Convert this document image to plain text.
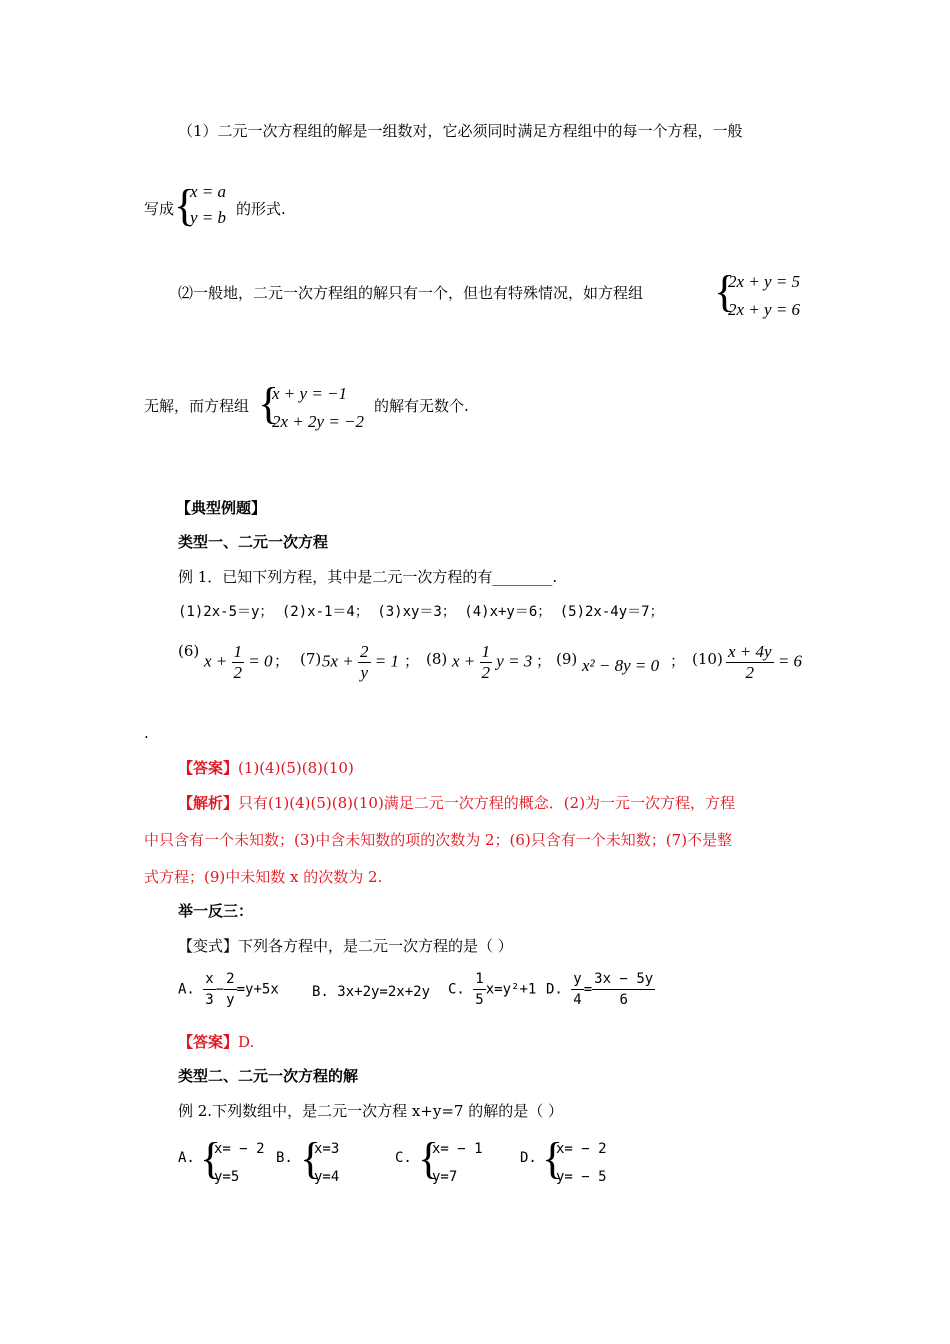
（1）二元一次方程组的解是一组数对，它必须同时满足方程组中的每一个方程，一般
写成 {
x = a
y = b 的形式.
⑵一般地，二元一次方程组的解只有一个，但也有特殊情况，如方程组 {
2x + y = 5
2x + y = 6
无解，而方程组 {
x + y = −1
2x + 2y = −2
的解有无数个.
【典型例题】
类型一、二元一次方程
例 1．已知下列方程，其中是二元一次方程的有________.
(1)2x-5＝y； (2)x-1＝4； (3)xy＝3； (4)x+y＝6； (5)2x-4y＝7；
(6)
$x + \frac{1}{2} = 0$ ； (7) $5x + \frac{2}{y} = 1$ ； (8) $x + \frac{1}{2}$ y = 3 ； (9) x² − 8y = 0 ； $(10) \frac{x + 4y}{2} = 6$
.
【答案】(1)(4)(5)(8)(10)
【解析】只有(1)(4)(5)(8)(10)满足二元一次方程的概念．(2)为一元一次方程，方程
中只含有一个未知数；(3)中含未知数的项的次数为 2；(6)只含有一个未知数；(7)不是整
式方程；(9)中未知数 x 的次数为 2.
举一反三：
【变式】下列各方程中，是二元一次方程的是（ ）
A. $\frac{x}{3} - \frac{2}{y} =y+5x$ B. 3x+2y=2x+2y C. $\frac{1}{5} x=y^2+1$ D. $\frac{y}{4} = \frac{3x - 5y}{6}$
【答案】D.
类型二、二元一次方程的解
例 2.下列数组中，是二元一次方程 x+y=7 的解的是（ ）
A. {
x= − 2
y=5
B. {
x=3
y=4
C. {
x= − 1
y=7
D. {
x= − 2
y= − 5
